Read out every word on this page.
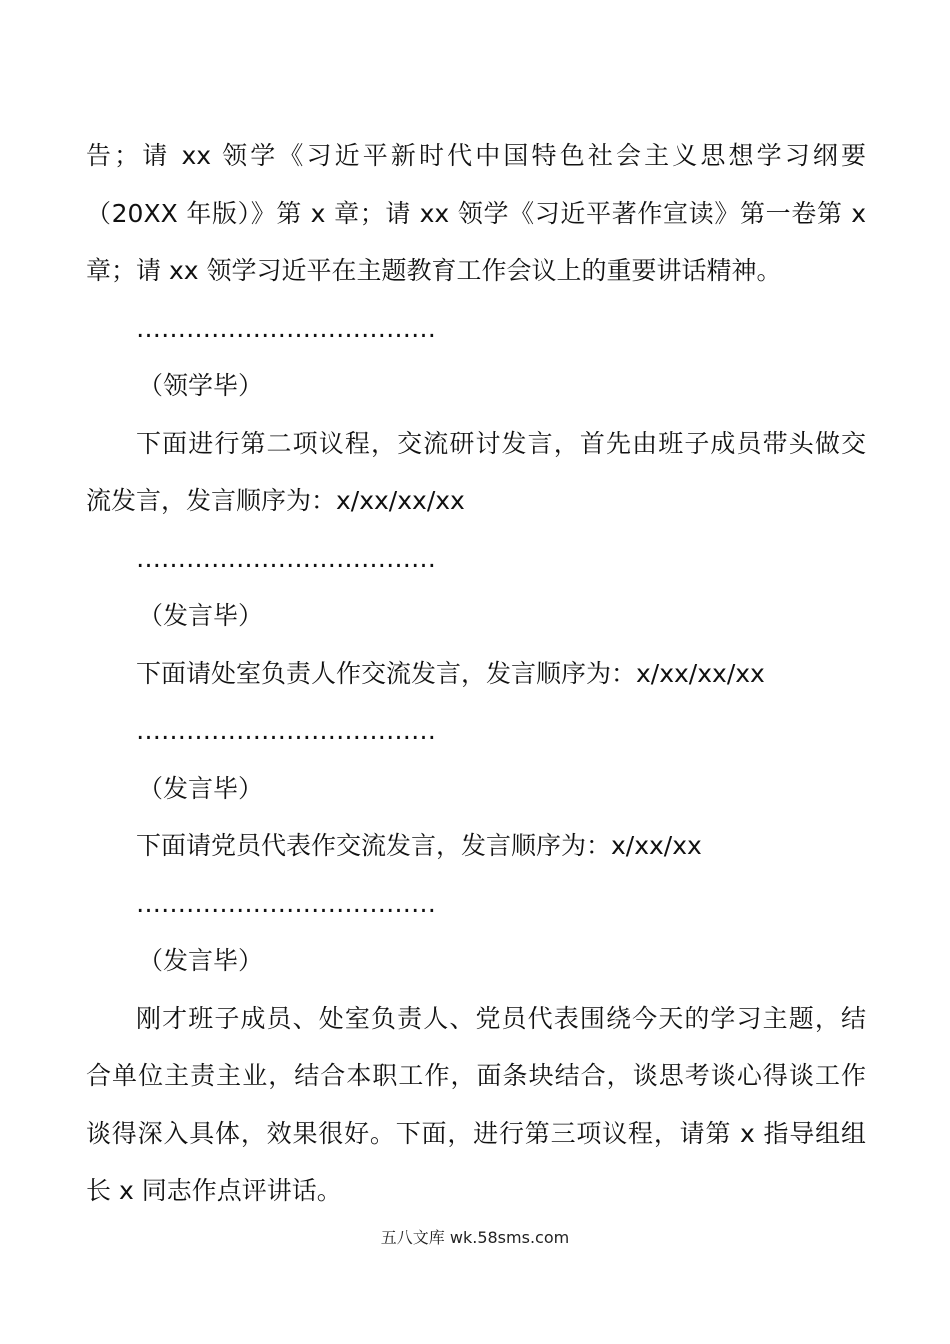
告；请 xx 领学《习近平新时代中国特色社会主义思想学习纲要
（20XX 年版）》第 x 章；请 xx 领学《习近平著作宣读》第一卷第 x
章；请 xx 领学习近平在主题教育工作会议上的重要讲话精神。
………………………………
（领学毕）
下面进行第二项议程，交流研讨发言，首先由班子成员带头做交
流发言，发言顺序为：x/xx/xx/xx
………………………………
（发言毕）
下面请处室负责人作交流发言，发言顺序为：x/xx/xx/xx
………………………………
（发言毕）
下面请党员代表作交流发言，发言顺序为：x/xx/xx
………………………………
（发言毕）
刚才班子成员、处室负责人、党员代表围绕今天的学习主题，结
合单位主责主业，结合本职工作，面条块结合，谈思考谈心得谈工作
谈得深入具体，效果很好。下面，进行第三项议程，请第 x 指导组组
长 x 同志作点评讲话。
五八文库 wk.58sms.com
